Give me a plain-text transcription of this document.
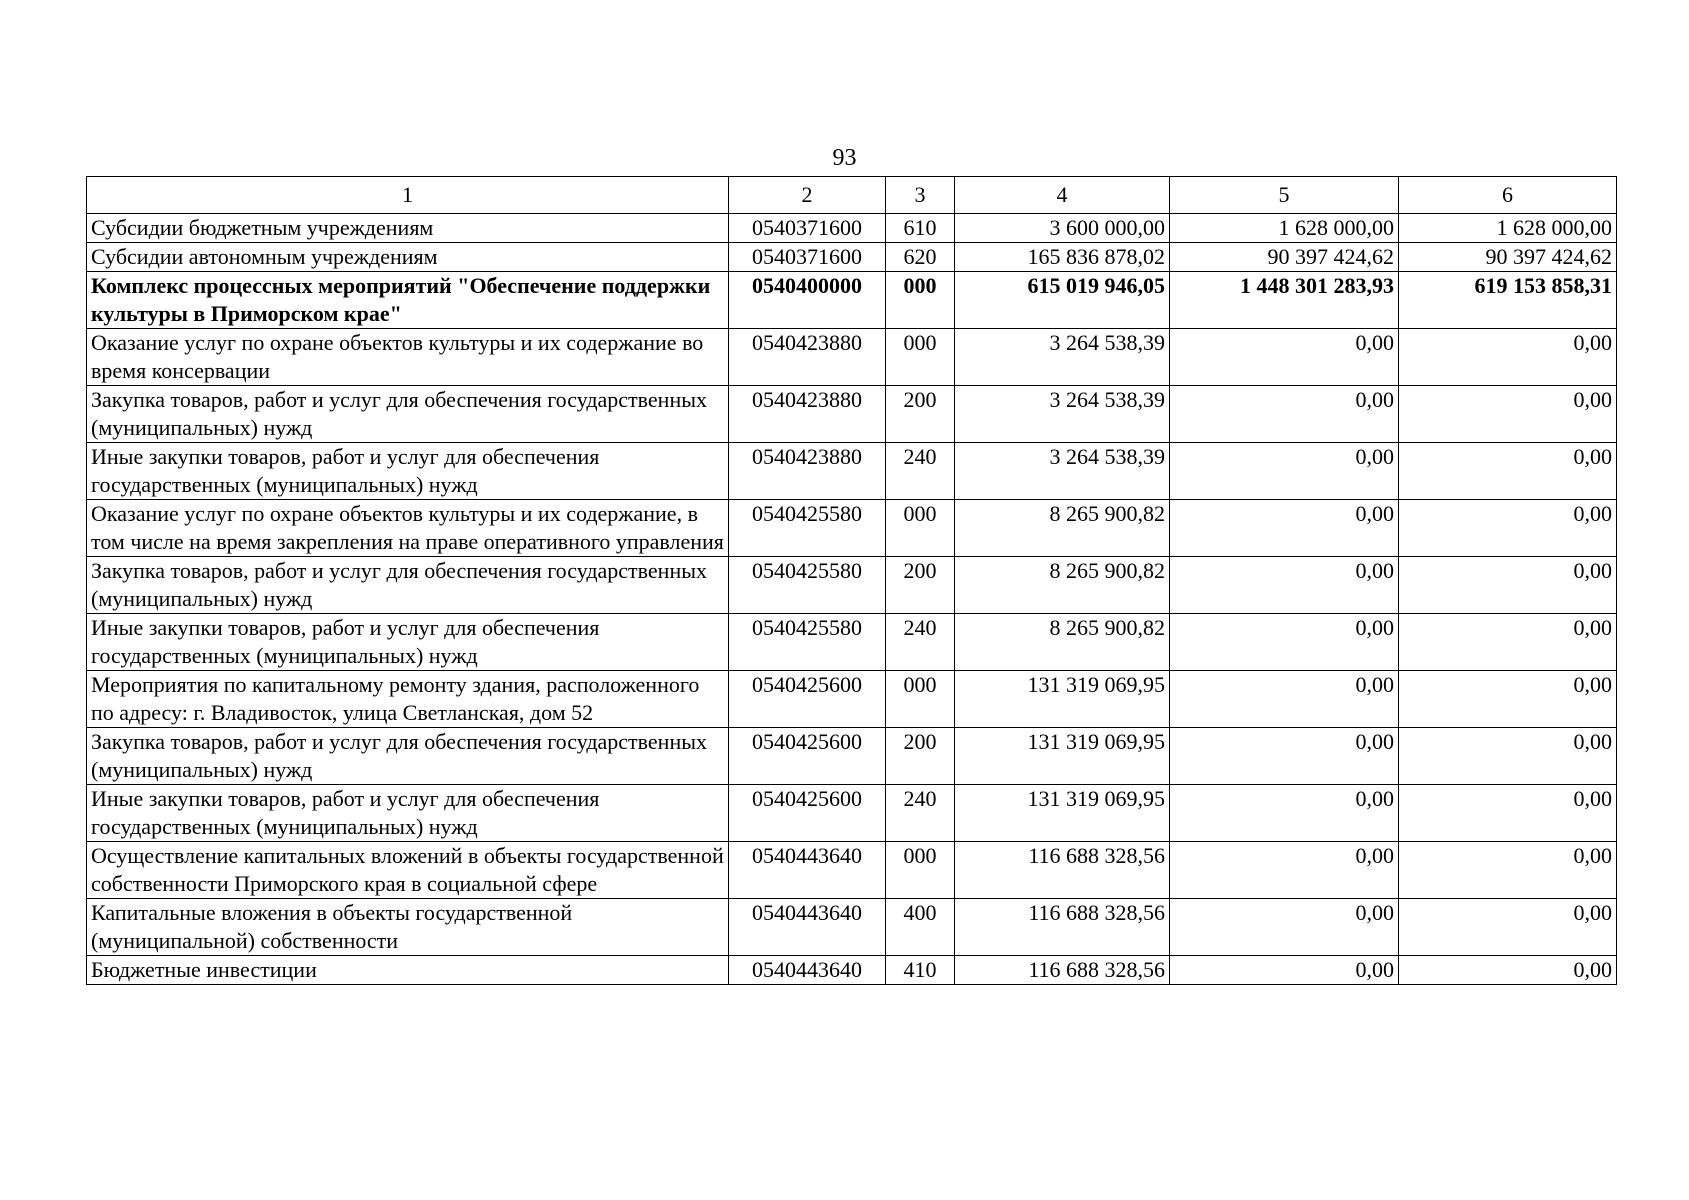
93
1	2	3	4	5	6
Субсидии бюджетным учреждениям	0540371600	610	3 600 000,00	1 628 000,00	1 628 000,00
Субсидии автономным учреждениям	0540371600	620	165 836 878,02	90 397 424,62	90 397 424,62
Комплекс процессных мероприятий "Обеспечение поддержки культуры в Приморском крае"	0540400000	000	615 019 946,05	1 448 301 283,93	619 153 858,31
Оказание услуг по охране объектов культуры и их содержание во время консервации	0540423880	000	3 264 538,39	0,00	0,00
Закупка товаров, работ и услуг для обеспечения государственных (муниципальных) нужд	0540423880	200	3 264 538,39	0,00	0,00
Иные закупки товаров, работ и услуг для обеспечения государственных (муниципальных) нужд	0540423880	240	3 264 538,39	0,00	0,00
Оказание услуг по охране объектов культуры и их содержание, в том числе на время закрепления на праве оперативного управления	0540425580	000	8 265 900,82	0,00	0,00
Закупка товаров, работ и услуг для обеспечения государственных (муниципальных) нужд	0540425580	200	8 265 900,82	0,00	0,00
Иные закупки товаров, работ и услуг для обеспечения государственных (муниципальных) нужд	0540425580	240	8 265 900,82	0,00	0,00
Мероприятия по капитальному ремонту здания, расположенного по адресу: г. Владивосток, улица Светланская, дом 52	0540425600	000	131 319 069,95	0,00	0,00
Закупка товаров, работ и услуг для обеспечения государственных (муниципальных) нужд	0540425600	200	131 319 069,95	0,00	0,00
Иные закупки товаров, работ и услуг для обеспечения государственных (муниципальных) нужд	0540425600	240	131 319 069,95	0,00	0,00
Осуществление капитальных вложений в объекты государственной собственности Приморского края в социальной сфере	0540443640	000	116 688 328,56	0,00	0,00
Капитальные вложения в объекты государственной (муниципальной) собственности	0540443640	400	116 688 328,56	0,00	0,00
Бюджетные инвестиции	0540443640	410	116 688 328,56	0,00	0,00
